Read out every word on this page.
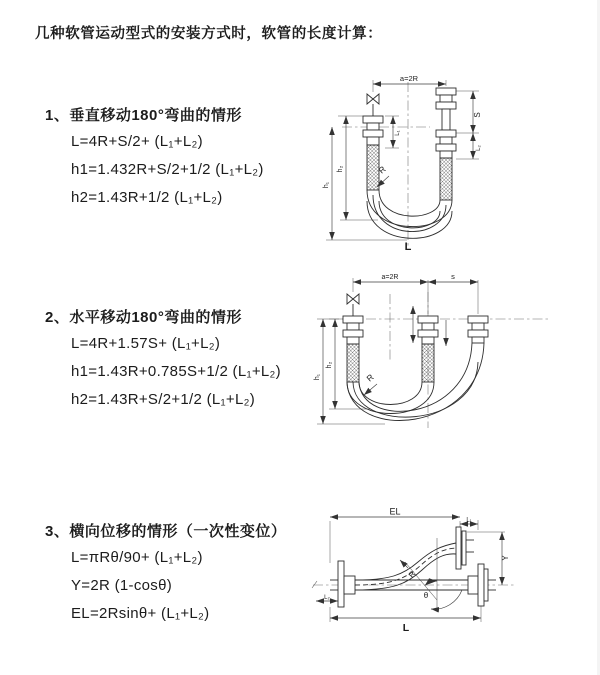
几种软管运动型式的安装方式时，软管的长度计算：
1、垂直移动180°弯曲的情形
L=4R+S/2+ (L₁+L₂)
h1=1.432R+S/2+1/2 (L₁+L₂)
h2=1.43R+1/2 (L₁+L₂)
2、水平移动180°弯曲的情形
L=4R+1.57S+ (L₁+L₂)
h1=1.43R+0.785S+1/2 (L₁+L₂)
h2=1.43R+S/2+1/2 (L₁+L₂)
3、横向位移的情形（一次性变位）
L=πRθ/90+ (L₁+L₂)
Y=2R (1-cosθ)
EL=2Rsinθ+ (L₁+L₂)
a=2R
S
L₂
L₁
h₂
h₁
R
L
a=2R	s
h₂
h₁	R
EL
L₁
Y
L₂
R
θ
L
